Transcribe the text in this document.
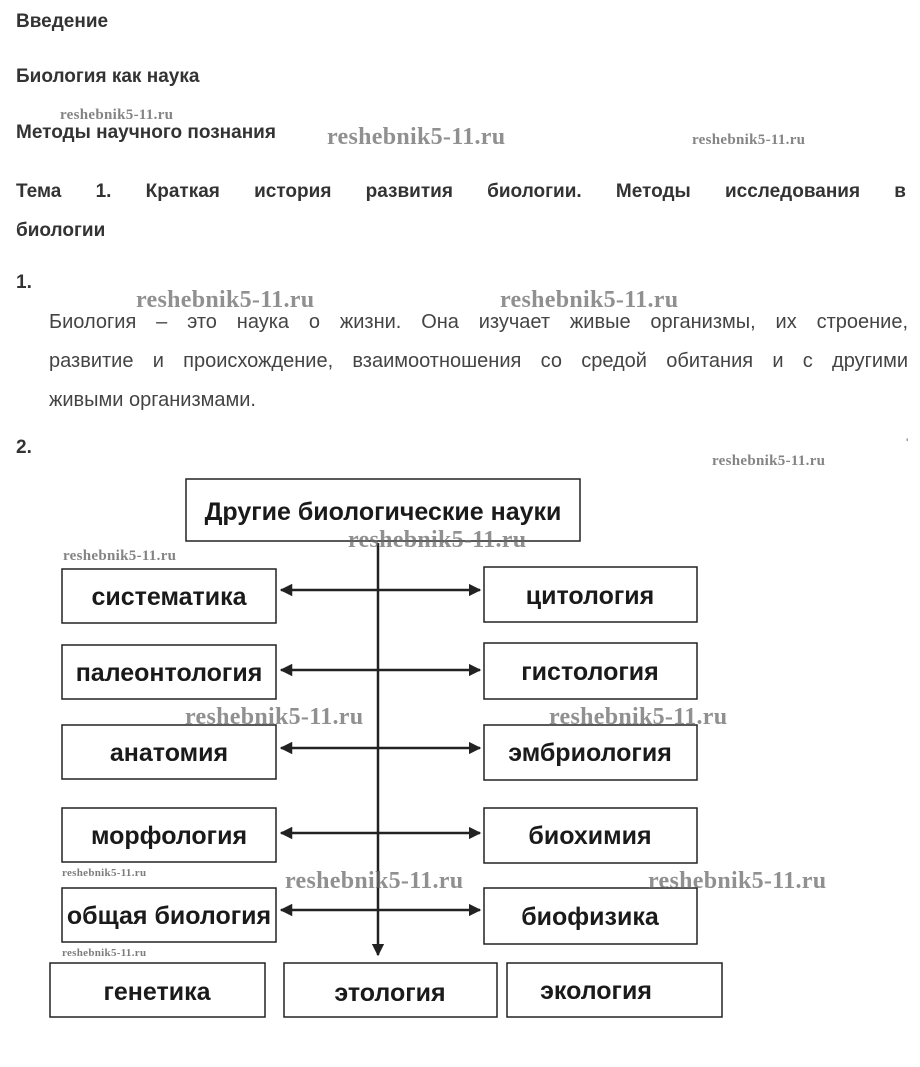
Введение
Биология как наука
Методы научного познания
Тема 1. Краткая история развития биологии. Методы исследования в
биологии
1.

Биология – это наука о жизни. Она изучает живые организмы, их строение,
развитие и происхождение, взаимоотношения со средой обитания и с другими
живыми организмами.

2.	'
Другие биологические науки
систематика
палеонтология
анатомия
морфология
общая биология
цитология
гистология
эмбриология
биохимия
биофизика
генетика	этология	экология
reshebnik5-11.ru
reshebnik5-11.ru	reshebnik5-11.ru
reshebnik5-11.ru	reshebnik5-11.ru
reshebnik5-11.ru
reshebnik5-11.ru
reshebnik5-11.ru
reshebnik5-11.ru	reshebnik5-11.ru
reshebnik5-11.ru	reshebnik5-11.ru	reshebnik5-11.ru
reshebnik5-11.ru
